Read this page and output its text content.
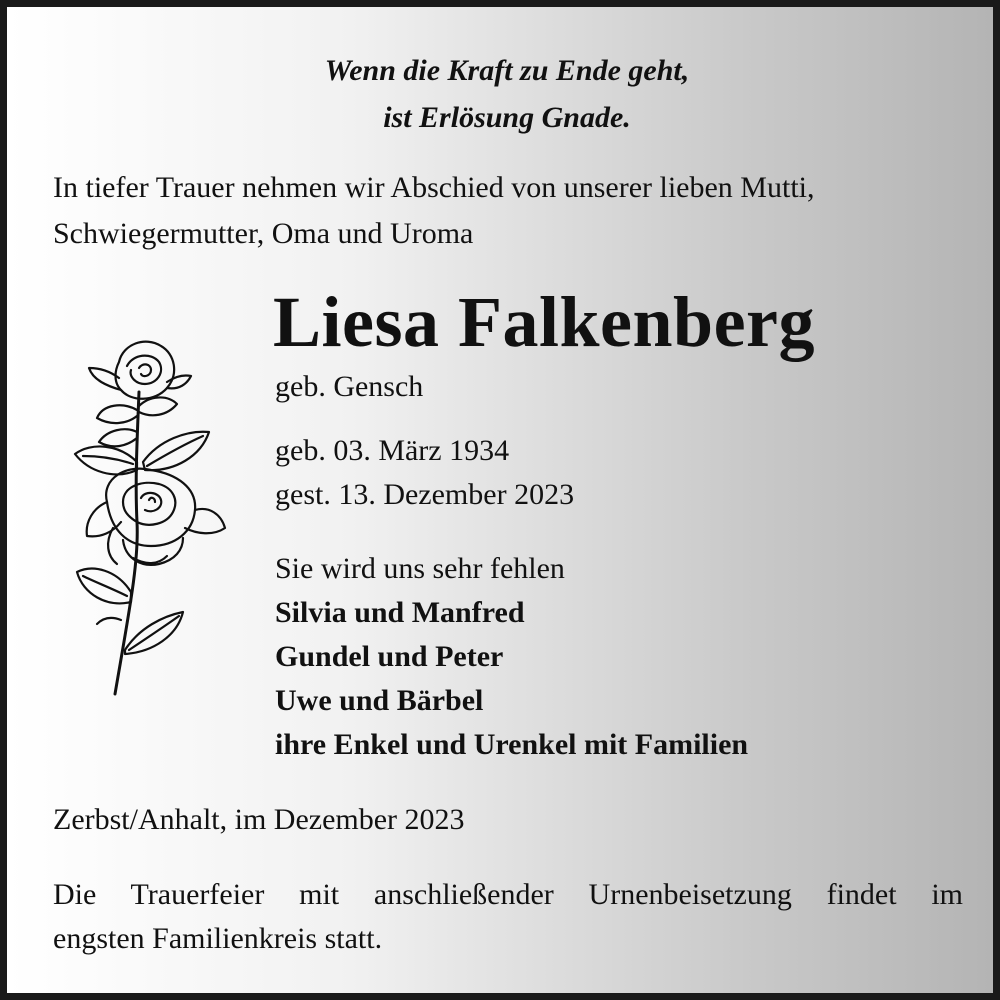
Wenn die Kraft zu Ende geht,
ist Erlösung Gnade.
In tiefer Trauer nehmen wir Abschied von unserer lieben Mutti,
Schwiegermutter, Oma und Uroma
Liesa Falkenberg
geb. Gensch
geb. 03. März 1934
gest. 13. Dezember 2023
Sie wird uns sehr fehlen
Silvia und Manfred
Gundel und Peter
Uwe und Bärbel
ihre Enkel und Urenkel mit Familien
Zerbst/Anhalt, im Dezember 2023
Die Trauerfeier mit anschließender Urnenbeisetzung findet im
engsten Familienkreis statt.
